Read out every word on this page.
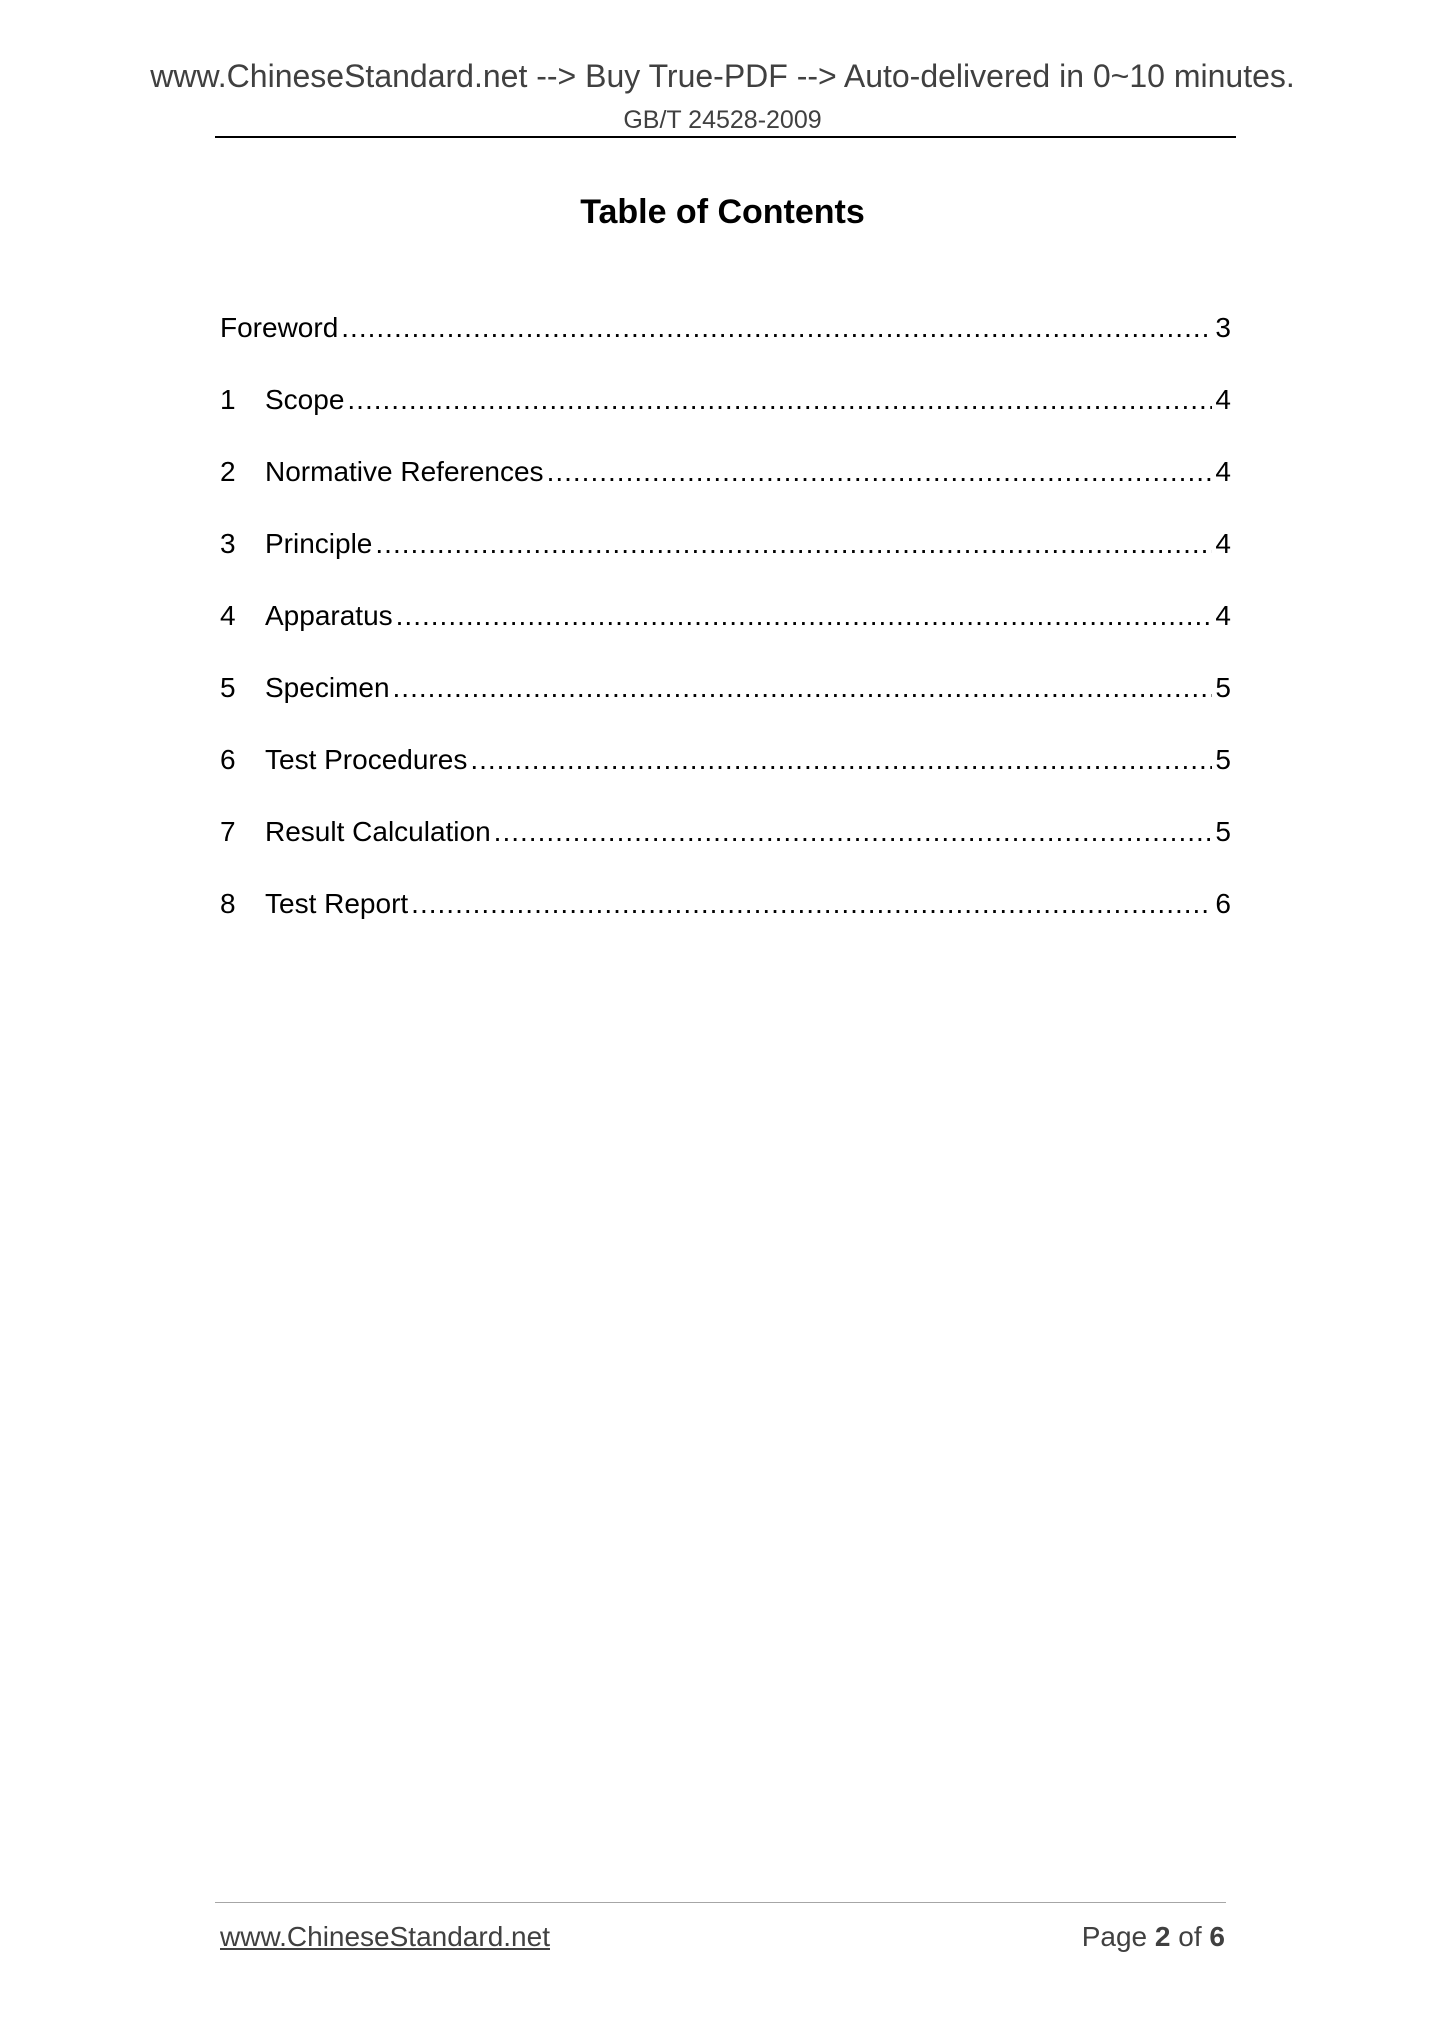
www.ChineseStandard.net --> Buy True-PDF --> Auto-delivered in 0~10 minutes.
GB/T 24528-2009
Table of Contents
Foreword .....	3
1	Scope .....	4
2	Normative References .....	4
3	Principle .....	4
4	Apparatus .....	4
5	Specimen .....	5
6	Test Procedures .....	5
7	Result Calculation .....	5
8	Test Report .....	6
www.ChineseStandard.net	Page 2 of 6
